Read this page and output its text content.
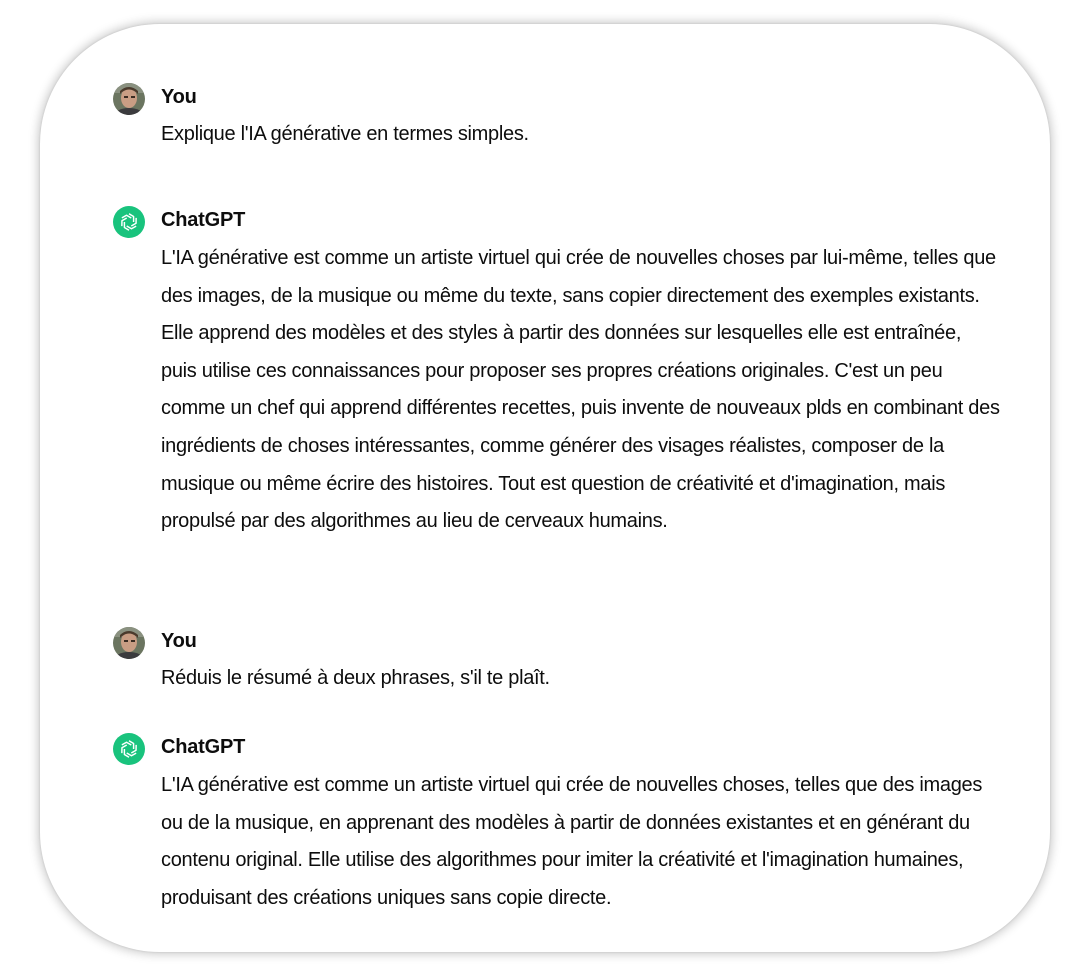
You

Explique l'IA générative en termes simples.

ChatGPT

L'IA générative est comme un artiste virtuel qui crée de nouvelles choses par lui-même, telles que des images, de la musique ou même du texte, sans copier directement des exemples existants. Elle apprend des modèles et des styles à partir des données sur lesquelles elle est entraînée, puis utilise ces connaissances pour proposer ses propres créations originales. C'est un peu comme un chef qui apprend différentes recettes, puis invente de nouveaux plds en combinant des ingrédients de choses intéressantes, comme générer des visages réalistes, composer de la musique ou même écrire des histoires. Tout est question de créativité et d'imagination, mais propulsé par des algorithmes au lieu de cerveaux humains.

You

Réduis le résumé à deux phrases, s'il te plaît.

ChatGPT

L'IA générative est comme un artiste virtuel qui crée de nouvelles choses, telles que des images ou de la musique, en apprenant des modèles à partir de données existantes et en générant du contenu original. Elle utilise des algorithmes pour imiter la créativité et l'imagination humaines, produisant des créations uniques sans copie directe.
